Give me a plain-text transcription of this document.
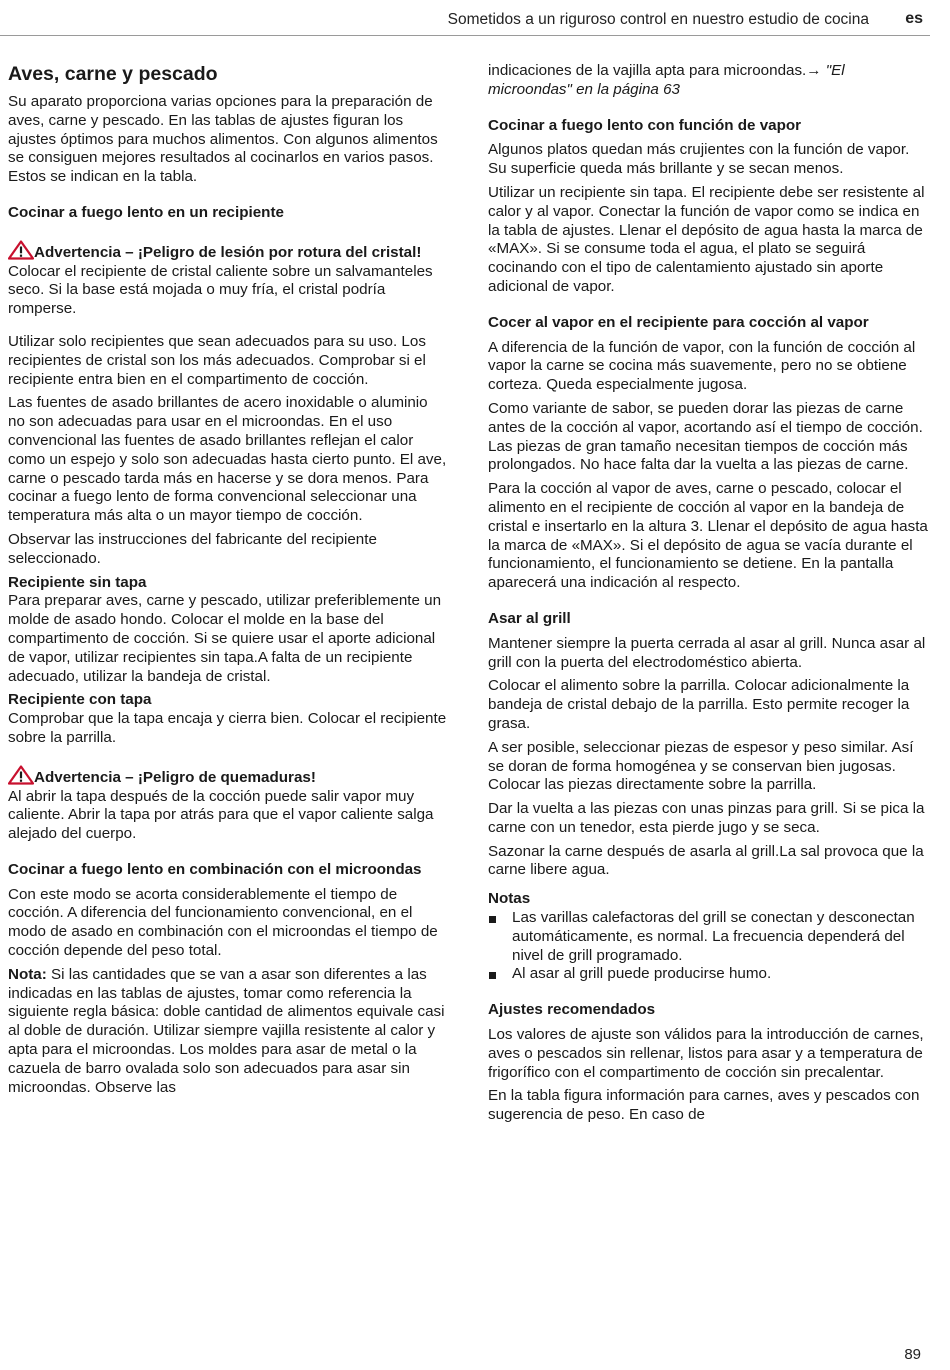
Sometidos a un riguroso control en nuestro estudio de cocina es
Aves, carne y pescado
Su aparato proporciona varias opciones para la preparación de aves, carne y pescado. En las tablas de ajustes figuran los ajustes óptimos para muchos alimentos. Con algunos alimentos se consiguen mejores resultados al cocinarlos en varios pasos. Estos se indican en la tabla.
Cocinar a fuego lento en un recipiente
Advertencia – ¡Peligro de lesión por rotura del cristal!
Colocar el recipiente de cristal caliente sobre un salvamanteles seco. Si la base está mojada o muy fría, el cristal podría romperse.
Utilizar solo recipientes que sean adecuados para su uso. Los recipientes de cristal son los más adecuados. Comprobar si el recipiente entra bien en el compartimento de cocción.
Las fuentes de asado brillantes de acero inoxidable o aluminio no son adecuadas para usar en el microondas. En el uso convencional las fuentes de asado brillantes reflejan el calor como un espejo y solo son adecuadas hasta cierto punto. El ave, carne o pescado tarda más en hacerse y se dora menos. Para cocinar a fuego lento de forma convencional seleccionar una temperatura más alta o un mayor tiempo de cocción.
Observar las instrucciones del fabricante del recipiente seleccionado.
Recipiente sin tapa
Para preparar aves, carne y pescado, utilizar preferiblemente un molde de asado hondo. Colocar el molde en la base del compartimento de cocción. Si se quiere usar el aporte adicional de vapor, utilizar recipientes sin tapa.A falta de un recipiente adecuado, utilizar la bandeja de cristal.
Recipiente con tapa
Comprobar que la tapa encaja y cierra bien. Colocar el recipiente sobre la parrilla.
Advertencia – ¡Peligro de quemaduras!
Al abrir la tapa después de la cocción puede salir vapor muy caliente. Abrir la tapa por atrás para que el vapor caliente salga alejado del cuerpo.
Cocinar a fuego lento en combinación con el microondas
Con este modo se acorta considerablemente el tiempo de cocción. A diferencia del funcionamiento convencional, en el modo de asado en combinación con el microondas el tiempo de cocción depende del peso total.
Nota: Si las cantidades que se van a asar son diferentes a las indicadas en las tablas de ajustes, tomar como referencia la siguiente regla básica: doble cantidad de alimentos equivale casi al doble de duración. Utilizar siempre vajilla resistente al calor y apta para el microondas. Los moldes para asar de metal o la cazuela de barro ovalada solo son adecuados para asar sin microondas. Observe las
indicaciones de la vajilla apta para microondas.→ "El microondas" en la página 63
Cocinar a fuego lento con función de vapor
Algunos platos quedan más crujientes con la función de vapor. Su superficie queda más brillante y se secan menos.
Utilizar un recipiente sin tapa. El recipiente debe ser resistente al calor y al vapor. Conectar la función de vapor como se indica en la tabla de ajustes. Llenar el depósito de agua hasta la marca de «MAX». Si se consume toda el agua, el plato se seguirá cocinando con el tipo de calentamiento ajustado sin aporte adicional de vapor.
Cocer al vapor en el recipiente para cocción al vapor
A diferencia de la función de vapor, con la función de cocción al vapor la carne se cocina más suavemente, pero no se obtiene corteza. Queda especialmente jugosa.
Como variante de sabor, se pueden dorar las piezas de carne antes de la cocción al vapor, acortando así el tiempo de cocción. Las piezas de gran tamaño necesitan tiempos de cocción más prolongados. No hace falta dar la vuelta a las piezas de carne.
Para la cocción al vapor de aves, carne o pescado, colocar el alimento en el recipiente de cocción al vapor en la bandeja de cristal e insertarlo en la altura 3. Llenar el depósito de agua hasta la marca de «MAX». Si el depósito de agua se vacía durante el funcionamiento, el funcionamiento se detiene. En la pantalla aparecerá una indicación al respecto.
Asar al grill
Mantener siempre la puerta cerrada al asar al grill. Nunca asar al grill con la puerta del electrodoméstico abierta.
Colocar el alimento sobre la parrilla. Colocar adicionalmente la bandeja de cristal debajo de la parrilla. Esto permite recoger la grasa.
A ser posible, seleccionar piezas de espesor y peso similar. Así se doran de forma homogénea y se conservan bien jugosas. Colocar las piezas directamente sobre la parrilla.
Dar la vuelta a las piezas con unas pinzas para grill. Si se pica la carne con un tenedor, esta pierde jugo y se seca.
Sazonar la carne después de asarla al grill.La sal provoca que la carne libere agua.
Notas
Las varillas calefactoras del grill se conectan y desconectan automáticamente, es normal. La frecuencia dependerá del nivel de grill programado.
Al asar al grill puede producirse humo.
Ajustes recomendados
Los valores de ajuste son válidos para la introducción de carnes, aves o pescados sin rellenar, listos para asar y a temperatura de frigorífico con el compartimento de cocción sin precalentar.
En la tabla figura información para carnes, aves y pescados con sugerencia de peso. En caso de
89
